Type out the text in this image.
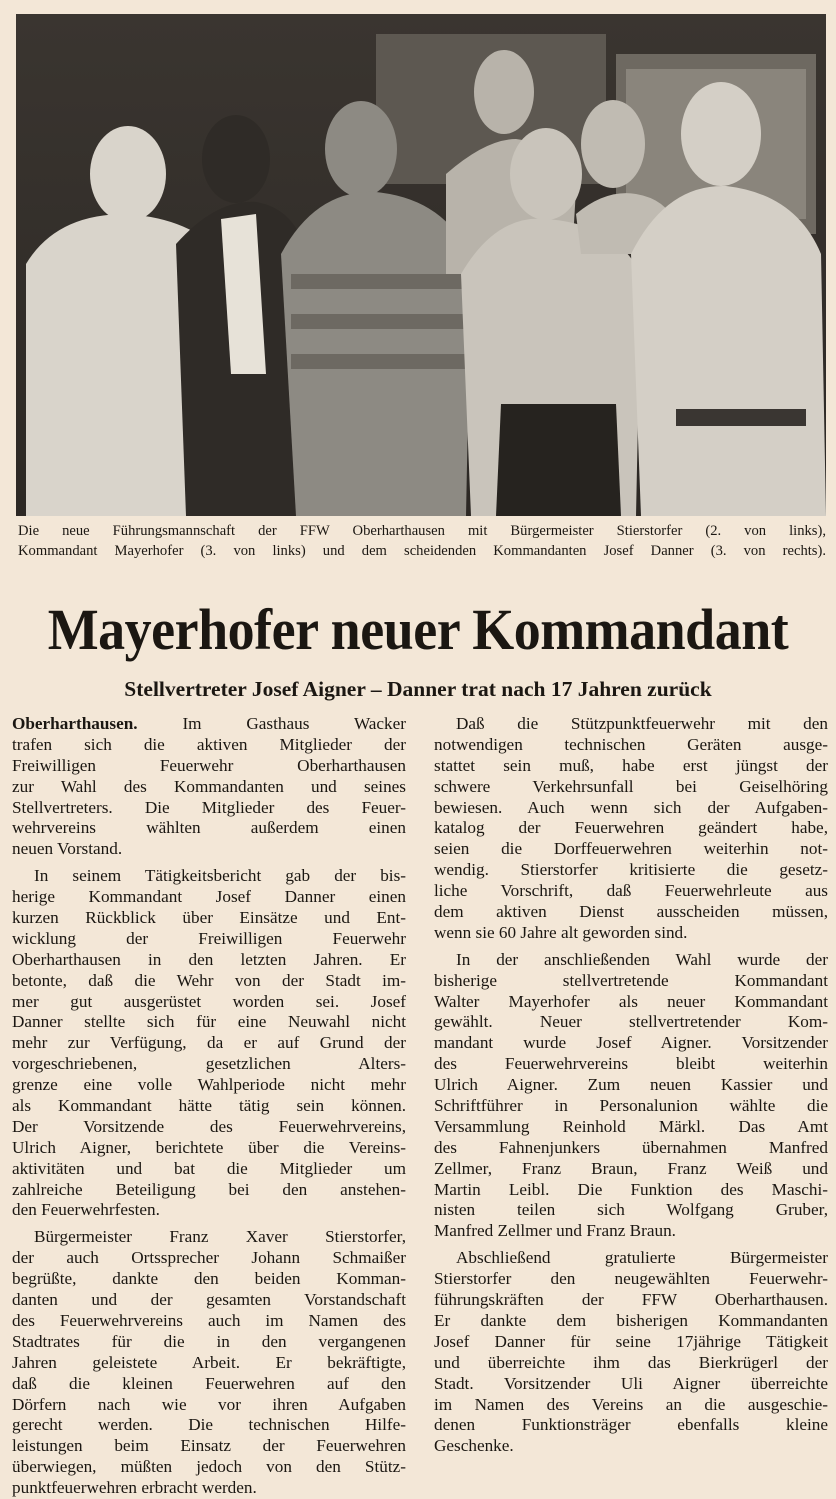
Die neue Führungsmannschaft der FFW Oberharthausen mit Bürgermeister Stierstorfer (2. von links),
Kommandant Mayerhofer (3. von links) und dem scheidenden Kommandanten Josef Danner (3. von rechts).
Mayerhofer neuer Kommandant
Stellvertreter Josef Aigner – Danner trat nach 17 Jahren zurück
Oberharthausen. Im Gasthaus Wacker
trafen sich die aktiven Mitglieder der
Freiwilligen Feuerwehr Oberharthausen
zur Wahl des Kommandanten und seines
Stellvertreters. Die Mitglieder des Feuer-
wehrvereins wählten außerdem einen
neuen Vorstand.
In seinem Tätigkeitsbericht gab der bis-
herige Kommandant Josef Danner einen
kurzen Rückblick über Einsätze und Ent-
wicklung der Freiwilligen Feuerwehr
Oberharthausen in den letzten Jahren. Er
betonte, daß die Wehr von der Stadt im-
mer gut ausgerüstet worden sei. Josef
Danner stellte sich für eine Neuwahl nicht
mehr zur Verfügung, da er auf Grund der
vorgeschriebenen, gesetzlichen Alters-
grenze eine volle Wahlperiode nicht mehr
als Kommandant hätte tätig sein können.
Der Vorsitzende des Feuerwehrvereins,
Ulrich Aigner, berichtete über die Vereins-
aktivitäten und bat die Mitglieder um
zahlreiche Beteiligung bei den anstehen-
den Feuerwehrfesten.
Bürgermeister Franz Xaver Stierstorfer,
der auch Ortssprecher Johann Schmaißer
begrüßte, dankte den beiden Komman-
danten und der gesamten Vorstandschaft
des Feuerwehrvereins auch im Namen des
Stadtrates für die in den vergangenen
Jahren geleistete Arbeit. Er bekräftigte,
daß die kleinen Feuerwehren auf den
Dörfern nach wie vor ihren Aufgaben
gerecht werden. Die technischen Hilfe-
leistungen beim Einsatz der Feuerwehren
überwiegen, müßten jedoch von den Stütz-
punktfeuerwehren erbracht werden.
Daß die Stützpunktfeuerwehr mit den
notwendigen technischen Geräten ausge-
stattet sein muß, habe erst jüngst der
schwere Verkehrsunfall bei Geiselhöring
bewiesen. Auch wenn sich der Aufgaben-
katalog der Feuerwehren geändert habe,
seien die Dorffeuerwehren weiterhin not-
wendig. Stierstorfer kritisierte die gesetz-
liche Vorschrift, daß Feuerwehrleute aus
dem aktiven Dienst ausscheiden müssen,
wenn sie 60 Jahre alt geworden sind.
In der anschließenden Wahl wurde der
bisherige stellvertretende Kommandant
Walter Mayerhofer als neuer Kommandant
gewählt. Neuer stellvertretender Kom-
mandant wurde Josef Aigner. Vorsitzender
des Feuerwehrvereins bleibt weiterhin
Ulrich Aigner. Zum neuen Kassier und
Schriftführer in Personalunion wählte die
Versammlung Reinhold Märkl. Das Amt
des Fahnenjunkers übernahmen Manfred
Zellmer, Franz Braun, Franz Weiß und
Martin Leibl. Die Funktion des Maschi-
nisten teilen sich Wolfgang Gruber,
Manfred Zellmer und Franz Braun.
Abschließend gratulierte Bürgermeister
Stierstorfer den neugewählten Feuerwehr-
führungskräften der FFW Oberharthausen.
Er dankte dem bisherigen Kommandanten
Josef Danner für seine 17jährige Tätigkeit
und überreichte ihm das Bierkrügerl der
Stadt. Vorsitzender Uli Aigner überreichte
im Namen des Vereins an die ausgeschie-
denen Funktionsträger ebenfalls kleine
Geschenke.
